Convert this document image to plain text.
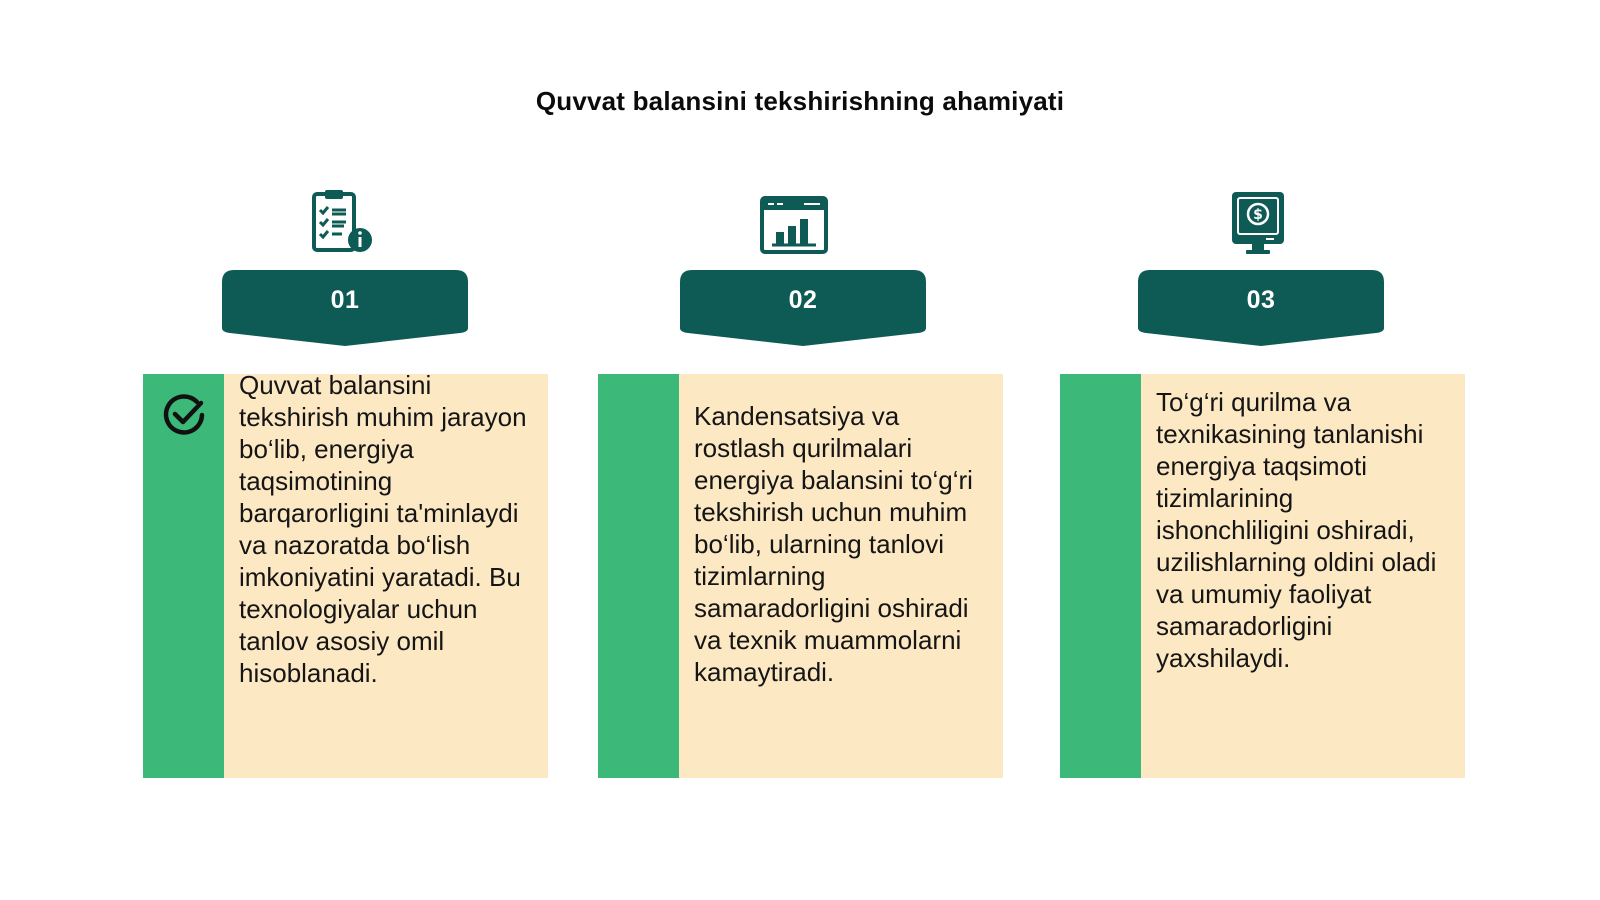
Quvvat balansini tekshirishning ahamiyati
$
01	02	03
Quvvat balansini tekshirish muhim jarayon bo‘lib, energiya taqsimotining barqarorligini ta'minlaydi va nazoratda bo‘lish imkoniyatini yaratadi. Bu texnologiyalar uchun tanlov asosiy omil hisoblanadi.
Kandensatsiya va rostlash qurilmalari energiya balansini to‘g‘ri tekshirish uchun muhim bo‘lib, ularning tanlovi tizimlarning samaradorligini oshiradi va texnik muammolarni kamaytiradi.
To‘g‘ri qurilma va texnikasining tanlanishi energiya taqsimoti tizimlarining ishonchliligini oshiradi, uzilishlarning oldini oladi va umumiy faoliyat samaradorligini yaxshilaydi.
